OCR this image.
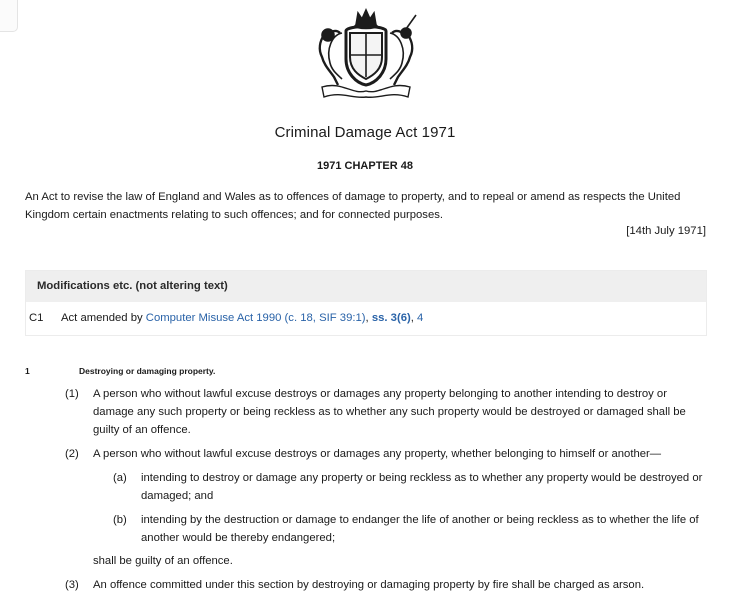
Criminal Damage Act 1971
1971 CHAPTER 48
An Act to revise the law of England and Wales as to offences of damage to property, and to repeal or amend as respects the United Kingdom certain enactments relating to such offences; and for connected purposes.
[14th July 1971]
Modifications etc. (not altering text)
C1	Act amended by Computer Misuse Act 1990 (c. 18, SIF 39:1), ss. 3(6), 4
1	Destroying or damaging property.
(1) A person who without lawful excuse destroys or damages any property belonging to another intending to destroy or damage any such property or being reckless as to whether any such property would be destroyed or damaged shall be guilty of an offence.
(2) A person who without lawful excuse destroys or damages any property, whether belonging to himself or another—
(a) intending to destroy or damage any property or being reckless as to whether any property would be destroyed or damaged; and
(b) intending by the destruction or damage to endanger the life of another or being reckless as to whether the life of another would be thereby endangered;
shall be guilty of an offence.
(3) An offence committed under this section by destroying or damaging property by fire shall be charged as arson.
